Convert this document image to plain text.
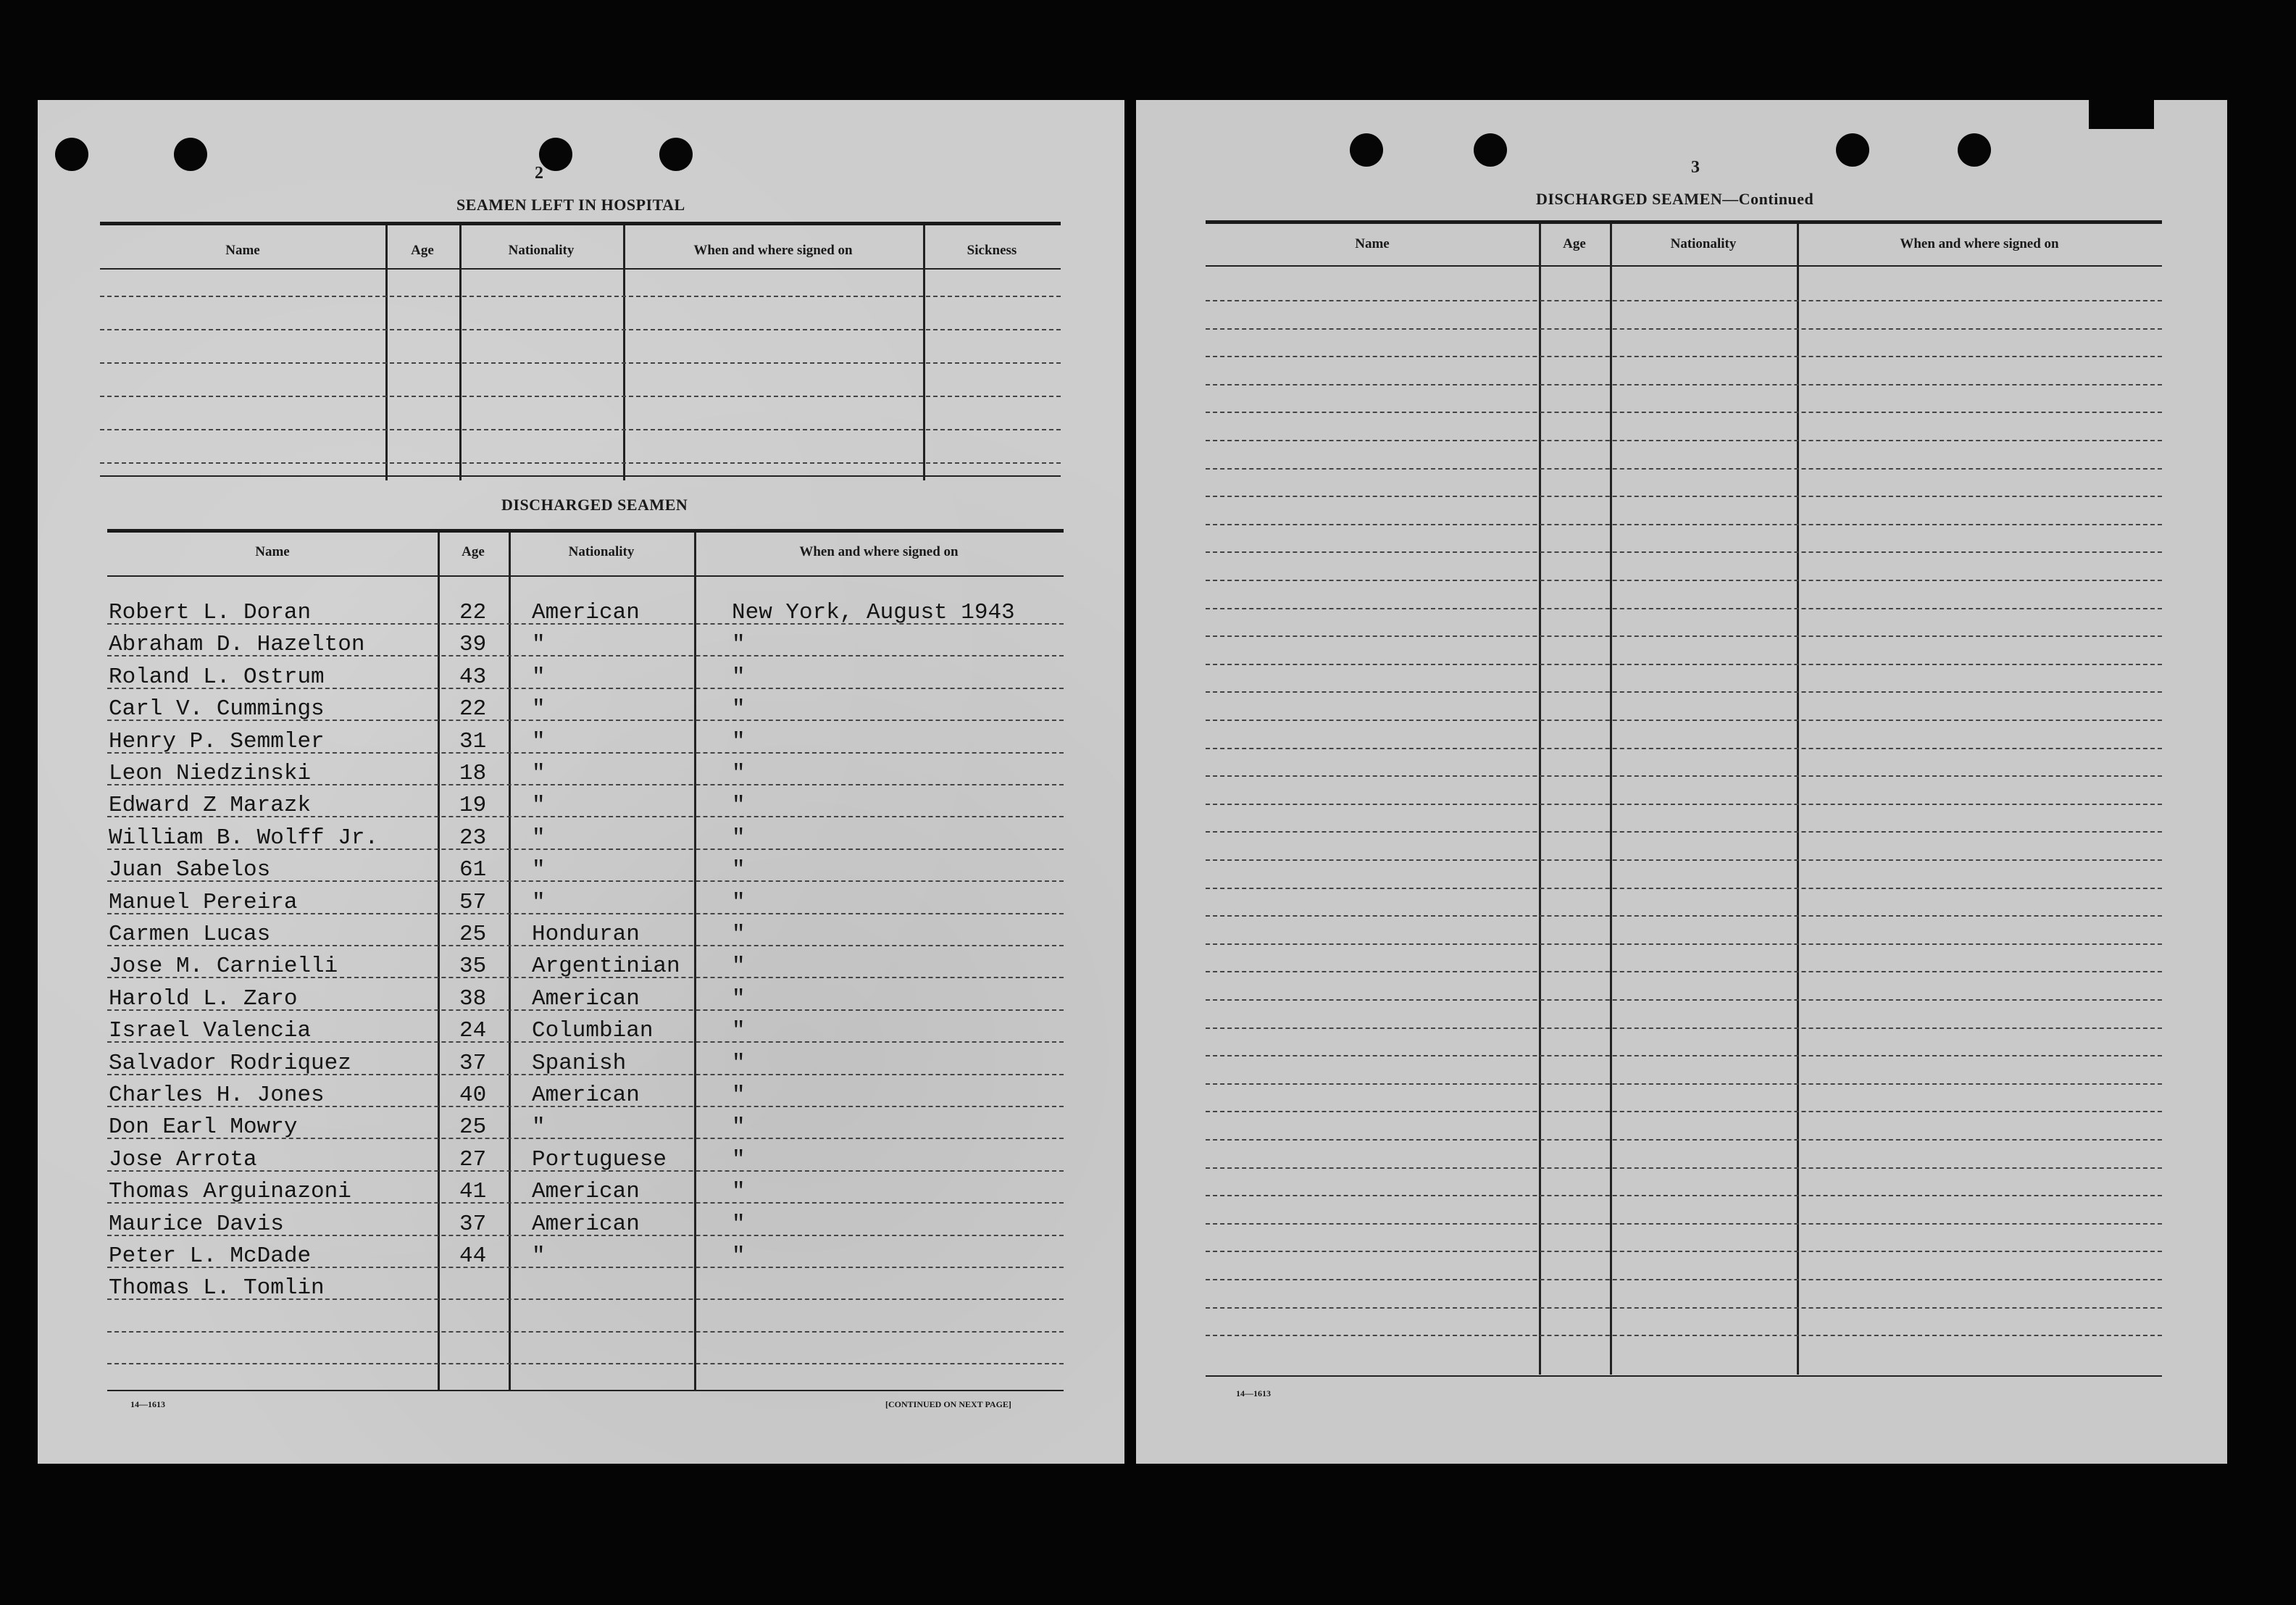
2
SEAMEN LEFT IN HOSPITAL
Name	Age	Nationality	When and where signed on	Sickness
DISCHARGED SEAMEN
Name	Age	Nationality	When and where signed on
Robert L. Doran	22 American	New York, August 1943
Abraham D. Hazelton	39 "	"
Roland L. Ostrum	43 "	"
Carl V. Cummings	22 "	"
Henry P. Semmler	31 "	"
Leon Niedzinski	18 "	"
Edward Z Marazk	19 "	"
William B. Wolff Jr.	23 "	"
Juan Sabelos	61 "	"
Manuel Pereira	57 "	"
Carmen Lucas	25 Honduran	"
Jose M. Carnielli	35 Argentinian "
Harold L. Zaro	38 American	"
Israel Valencia	24 Columbian	"
Salvador Rodriquez	37 Spanish	"
Charles H. Jones	40 American	"
Don Earl Mowry	25 "	"
Jose Arrota	27 Portuguese	"
Thomas Arguinazoni	41 American	"
Maurice Davis	37 American	"
Peter L. McDade	44 "	"
Thomas L. Tomlin
14—1613	[CONTINUED ON NEXT PAGE]
3
DISCHARGED SEAMEN—Continued
Name	Age	Nationality	When and where signed on
14—1613
